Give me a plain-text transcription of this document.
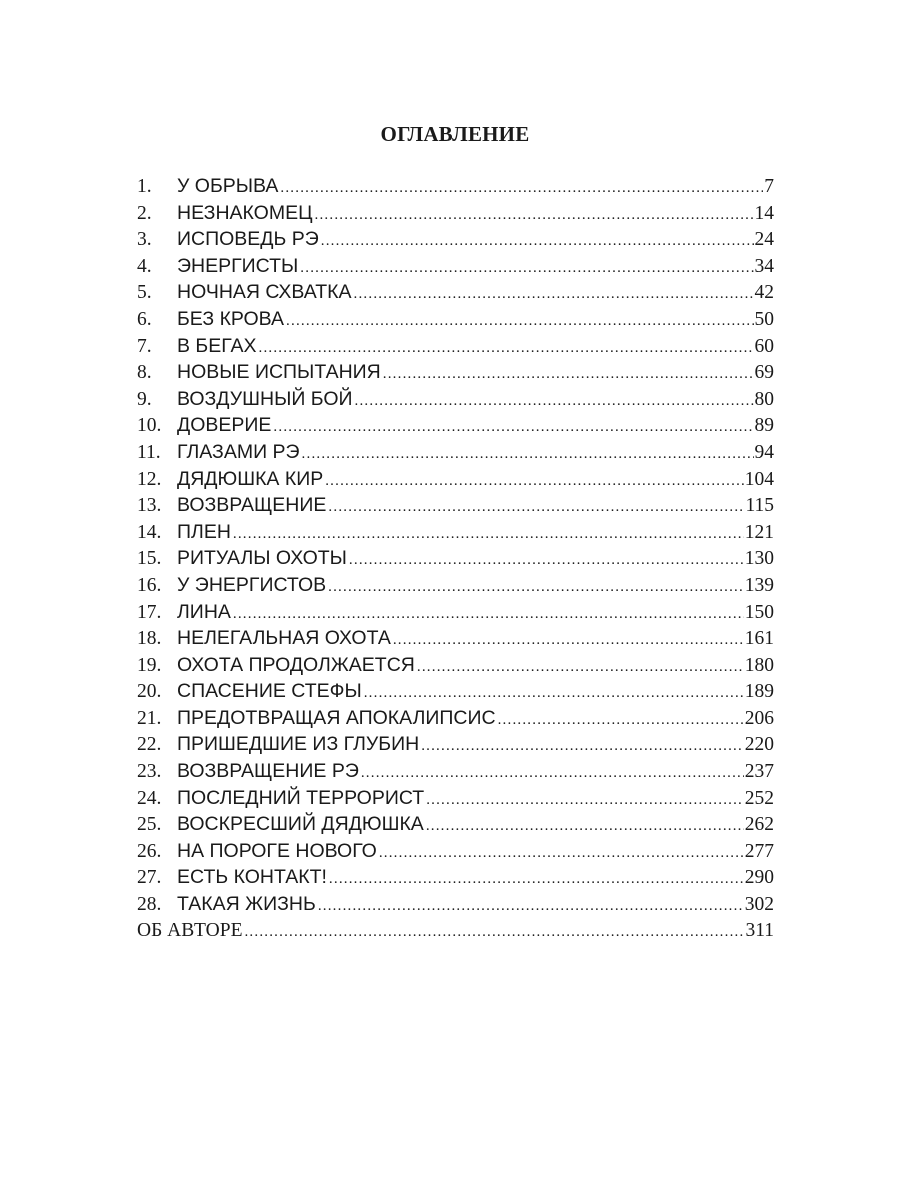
ОГЛАВЛЕНИЕ
1.	У ОБРЫВА .....	7
2.	НЕЗНАКОМЕЦ .....	14
3.	ИСПОВЕДЬ РЭ .....	24
4.	ЭНЕРГИСТЫ .....	34
5.	НОЧНАЯ СХВАТКА .....	42
6.	БЕЗ КРОВА .....	50
7.	В БЕГАХ .....	60
8.	НОВЫЕ ИСПЫТАНИЯ .....	69
9.	ВОЗДУШНЫЙ БОЙ .....	80
10. ДОВЕРИЕ .....	89
11. ГЛАЗАМИ РЭ .....	94
12. ДЯДЮШКА КИР .....	104
13. ВОЗВРАЩЕНИЕ .....	115
14. ПЛЕН .....	121
15. РИТУАЛЫ ОХОТЫ .....	130
16. У ЭНЕРГИСТОВ .....	139
17. ЛИНА .....	150
18. НЕЛЕГАЛЬНАЯ ОХОТА .....	161
19. ОХОТА ПРОДОЛЖАЕТСЯ .....	180
20. СПАСЕНИЕ СТЕФЫ .....	189
21. ПРЕДОТВРАЩАЯ АПОКАЛИПСИС .....	206
22. ПРИШЕДШИЕ ИЗ ГЛУБИН .....	220
23. ВОЗВРАЩЕНИЕ РЭ .....	237
24. ПОСЛЕДНИЙ ТЕРРОРИСТ .....	252
25. ВОСКРЕСШИЙ ДЯДЮШКА .....	262
26. НА ПОРОГЕ НОВОГО .....	277
27. ЕСТЬ КОНТАКТ! .....	290
28. ТАКАЯ ЖИЗНЬ .....	302
ОБ АВТОРЕ .....	311
